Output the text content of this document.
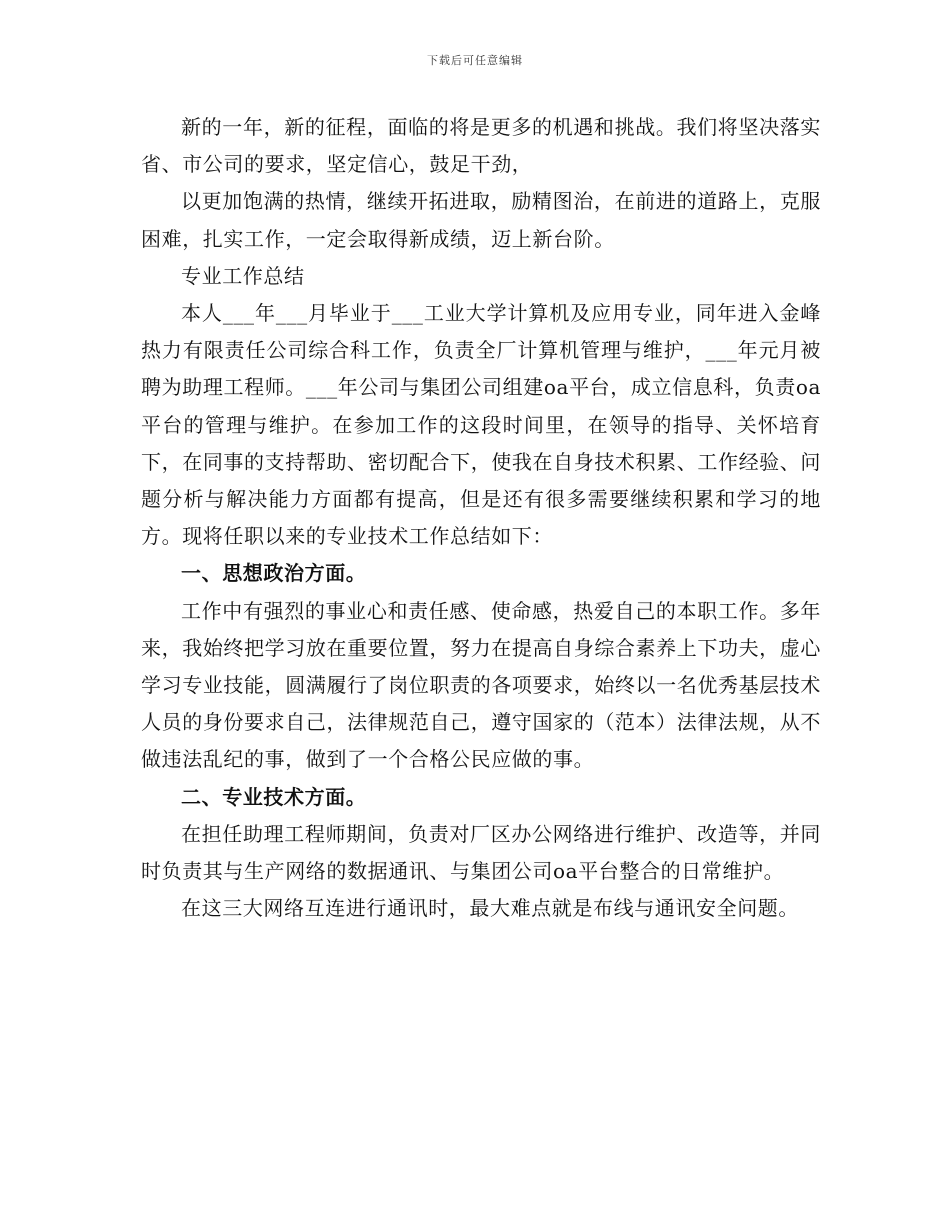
下载后可任意编辑

新的一年，新的征程，面临的将是更多的机遇和挑战。我们将坚决落实省、市公司的要求，坚定信心，鼓足干劲，

以更加饱满的热情，继续开拓进取，励精图治，在前进的道路上，克服困难，扎实工作，一定会取得新成绩，迈上新台阶。

专业工作总结

本人___年___月毕业于___工业大学计算机及应用专业，同年进入金峰热力有限责任公司综合科工作，负责全厂计算机管理与维护，___年元月被聘为助理工程师。___年公司与集团公司组建oa平台，成立信息科，负责oa平台的管理与维护。在参加工作的这段时间里，在领导的指导、关怀培育下，在同事的支持帮助、密切配合下，使我在自身技术积累、工作经验、问题分析与解决能力方面都有提高，但是还有很多需要继续积累和学习的地方。现将任职以来的专业技术工作总结如下：

一、思想政治方面。

工作中有强烈的事业心和责任感、使命感，热爱自己的本职工作。多年来，我始终把学习放在重要位置，努力在提高自身综合素养上下功夫，虚心学习专业技能，圆满履行了岗位职责的各项要求，始终以一名优秀基层技术人员的身份要求自己，法律规范自己，遵守国家的（范本）法律法规，从不做违法乱纪的事，做到了一个合格公民应做的事。

二、专业技术方面。

在担任助理工程师期间，负责对厂区办公网络进行维护、改造等，并同时负责其与生产网络的数据通讯、与集团公司oa平台整合的日常维护。

在这三大网络互连进行通讯时，最大难点就是布线与通讯安全问题。
